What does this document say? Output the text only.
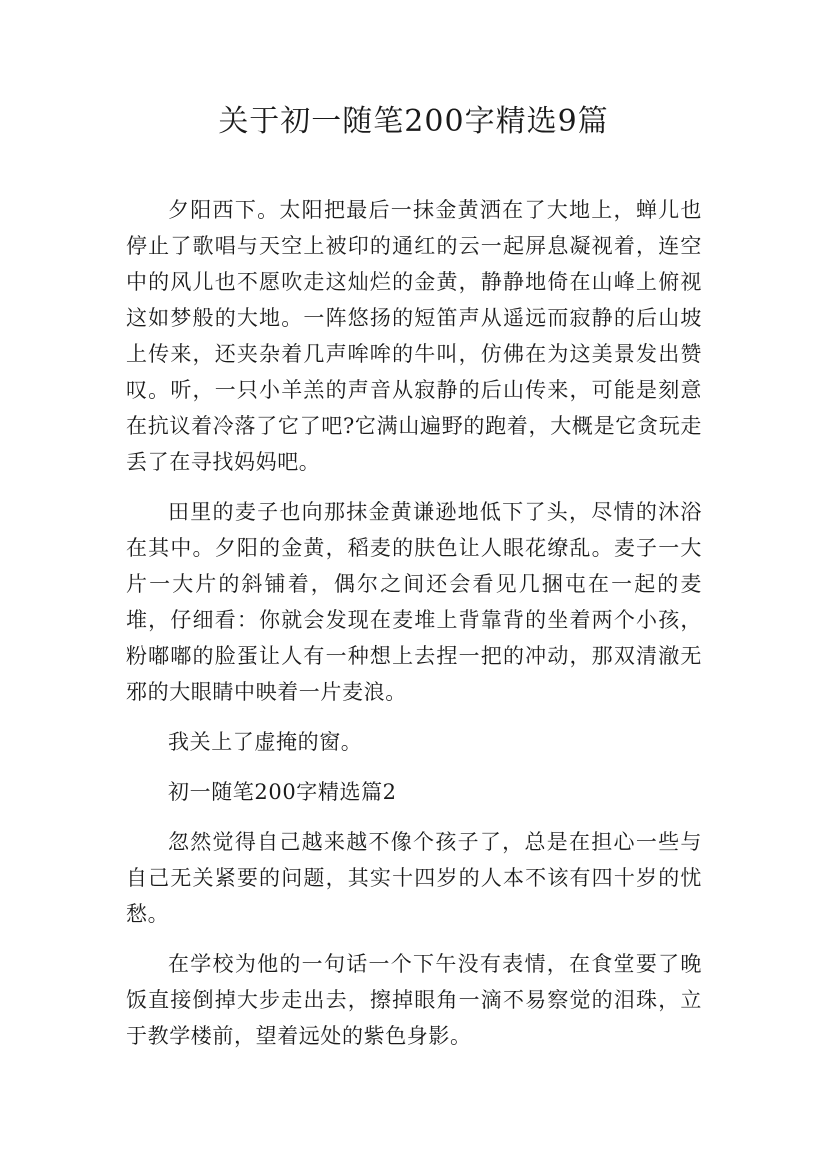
关于初一随笔200字精选9篇

夕阳西下。太阳把最后一抹金黄洒在了大地上，蝉儿也停止了歌唱与天空上被印的通红的云一起屏息凝视着，连空中的风儿也不愿吹走这灿烂的金黄，静静地倚在山峰上俯视这如梦般的大地。一阵悠扬的短笛声从遥远而寂静的后山坡上传来，还夹杂着几声哞哞的牛叫，仿佛在为这美景发出赞叹。听，一只小羊羔的声音从寂静的后山传来，可能是刻意在抗议着冷落了它了吧?它满山遍野的跑着，大概是它贪玩走丢了在寻找妈妈吧。

田里的麦子也向那抹金黄谦逊地低下了头，尽情的沐浴在其中。夕阳的金黄，稻麦的肤色让人眼花缭乱。麦子一大片一大片的斜铺着，偶尔之间还会看见几捆屯在一起的麦堆，仔细看：你就会发现在麦堆上背靠背的坐着两个小孩，粉嘟嘟的脸蛋让人有一种想上去捏一把的冲动，那双清澈无邪的大眼睛中映着一片麦浪。

我关上了虚掩的窗。

初一随笔200字精选篇2

忽然觉得自己越来越不像个孩子了，总是在担心一些与自己无关紧要的问题，其实十四岁的人本不该有四十岁的忧愁。

在学校为他的一句话一个下午没有表情，在食堂要了晚饭直接倒掉大步走出去，擦掉眼角一滴不易察觉的泪珠，立于教学楼前，望着远处的紫色身影。
